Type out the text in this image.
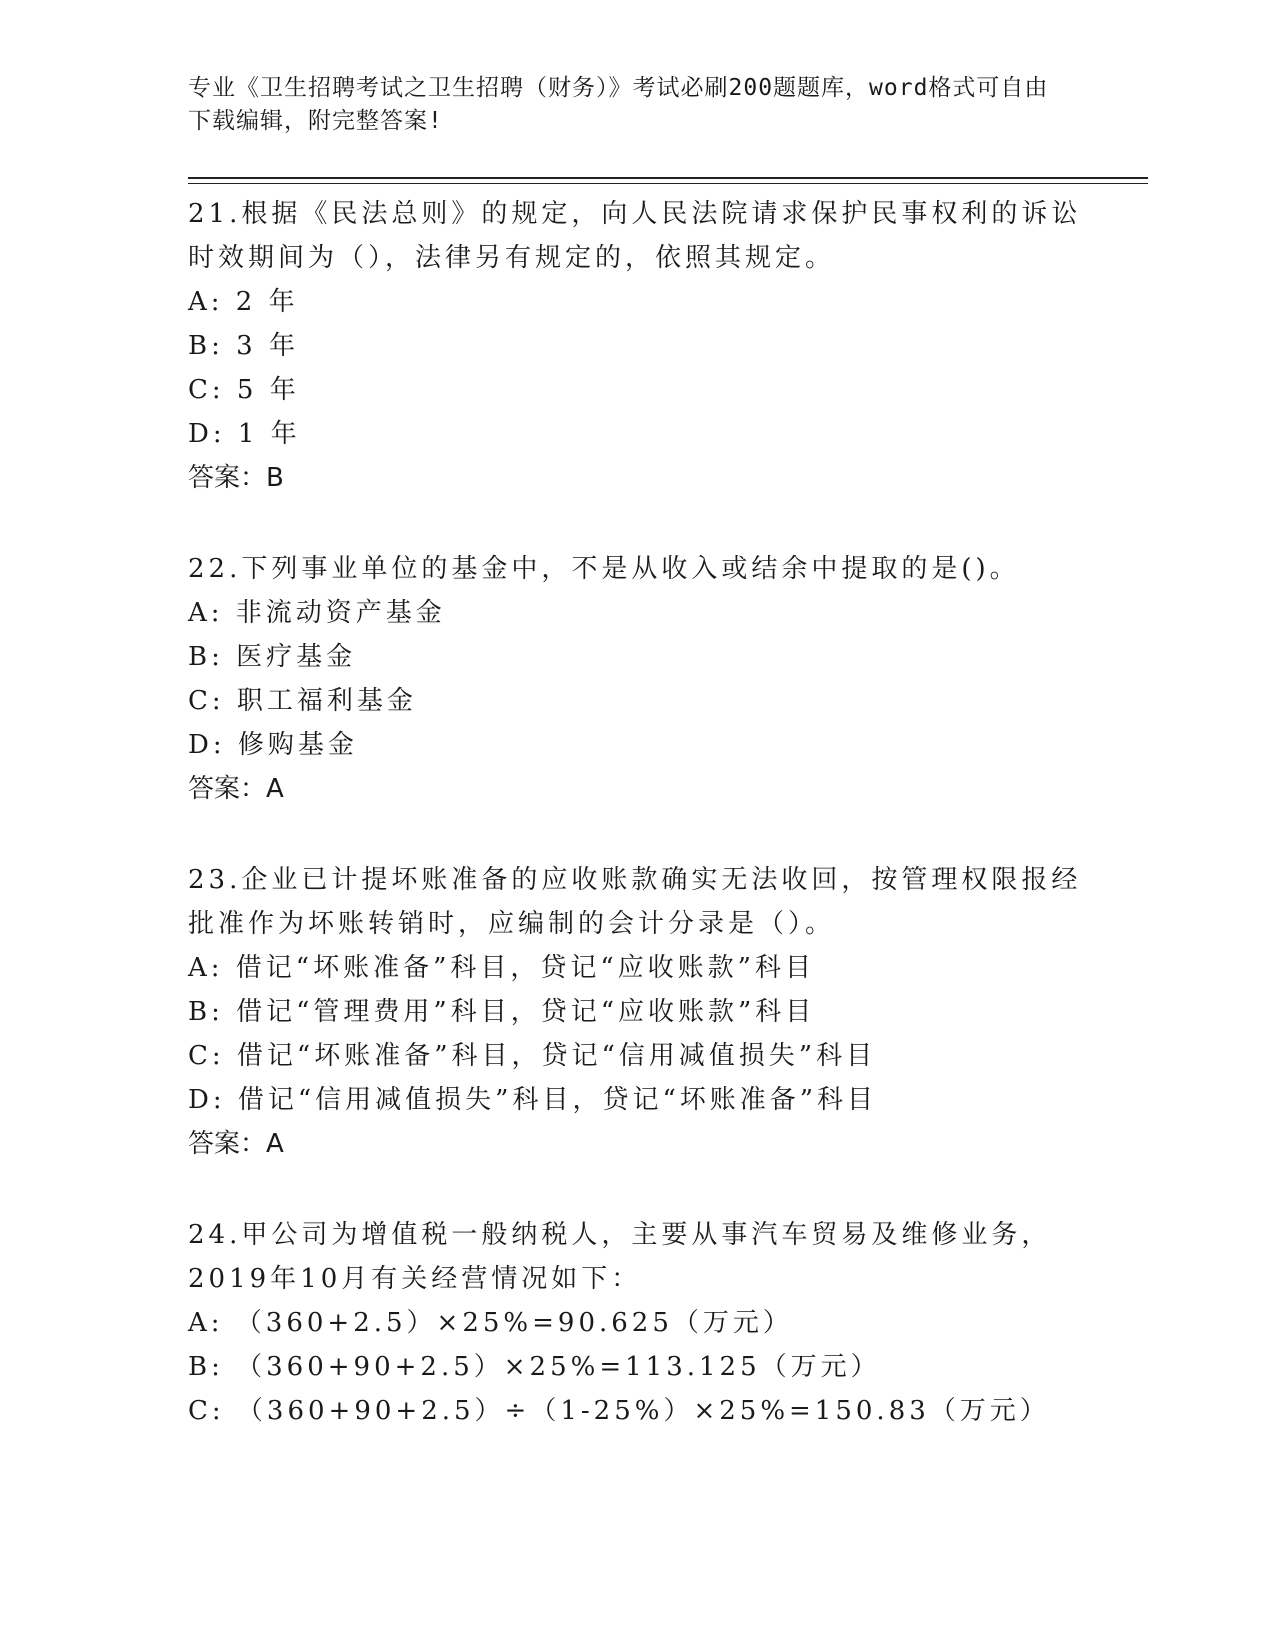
专业《卫生招聘考试之卫生招聘（财务）》考试必刷200题题库，word格式可自由下载编辑，附完整答案!

21.根据《民法总则》的规定，向人民法院请求保护民事权利的诉讼时效期间为（），法律另有规定的，依照其规定。

A: 2 年

B: 3 年

C: 5 年

D: 1 年

答案：B

22.下列事业单位的基金中，不是从收入或结余中提取的是()。

A: 非流动资产基金

B: 医疗基金

C: 职工福利基金

D: 修购基金

答案：A

23.企业已计提坏账准备的应收账款确实无法收回，按管理权限报经批准作为坏账转销时，应编制的会计分录是（）。

A: 借记“坏账准备”科目，贷记“应收账款”科目

B: 借记“管理费用”科目，贷记“应收账款”科目

C: 借记“坏账准备”科目，贷记“信用减值损失”科目

D: 借记“信用减值损失”科目，贷记“坏账准备”科目

答案：A

24.甲公司为增值税一般纳税人，主要从事汽车贸易及维修业务，2019年10月有关经营情况如下：

A: （360+2.5）×25%=90.625（万元）

B: （360+90+2.5）×25%=113.125（万元）

C: （360+90+2.5）÷（1-25%）×25%=150.83（万元）
